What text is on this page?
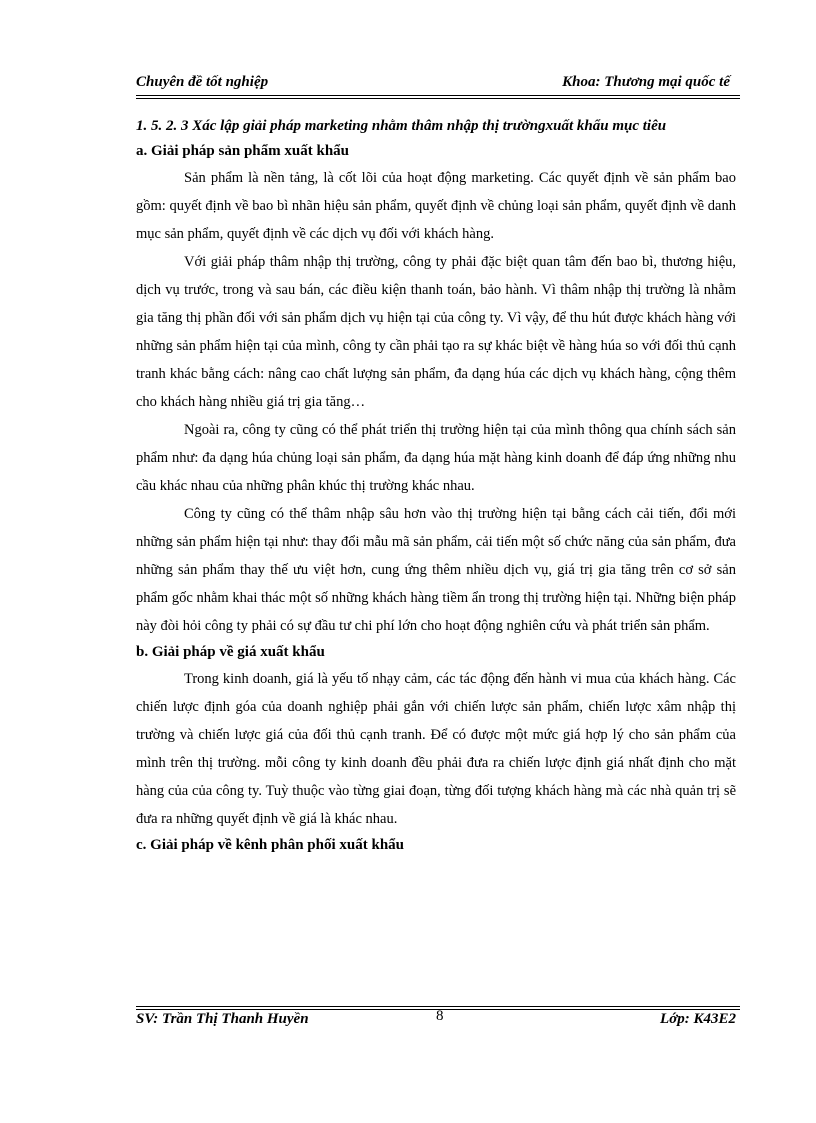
Chuyên đề tốt nghiệp	Khoa: Thương mại quốc tế
1. 5. 2. 3 Xác lập giải pháp marketing nhằm thâm nhập thị trườngxuất khẩu mục tiêu
a. Giải pháp sản phẩm xuất khẩu

Sản phẩm là nền tảng, là cốt lõi của hoạt động marketing. Các quyết định về sản phẩm bao gồm: quyết định về bao bì nhãn hiệu sản phẩm, quyết định về chủng loại sản phẩm, quyết định về danh mục sản phẩm, quyết định về các dịch vụ đối với khách hàng.

Với giải pháp thâm nhập thị trường, công ty phải đặc biệt quan tâm đến bao bì, thương hiệu, dịch vụ trước, trong và sau bán, các điều kiện thanh toán, bảo hành. Vì thâm nhập thị trường là nhằm gia tăng thị phần đối với sản phẩm dịch vụ hiện tại của công ty. Vì vậy, để thu hút được khách hàng với những sản phẩm hiện tại của mình, công ty cần phải tạo ra sự khác biệt về hàng húa so với đối thủ cạnh tranh khác bằng cách: nâng cao chất lượng sản phẩm, đa dạng húa các dịch vụ khách hàng, cộng thêm cho khách hàng nhiều giá trị gia tăng…

Ngoài ra, công ty cũng có thể phát triển thị trường hiện tại của mình thông qua chính sách sản phẩm như: đa dạng húa chủng loại sản phẩm, đa dạng húa mặt hàng kinh doanh để đáp ứng những nhu cầu khác nhau của những phân khúc thị trường khác nhau.

Công ty cũng có thể thâm nhập sâu hơn vào thị trường hiện tại bằng cách cải tiến, đổi mới những sản phẩm hiện tại như: thay đổi mẫu mã sản phẩm, cải tiến một số chức năng của sản phẩm, đưa những sản phẩm thay thế ưu việt hơn, cung ứng thêm nhiều dịch vụ, giá trị gia tăng trên cơ sở sản phẩm gốc nhằm khai thác một số những khách hàng tiềm ẩn trong thị trường hiện tại. Những biện pháp này đòi hỏi công ty phải có sự đầu tư chi phí lớn cho hoạt động nghiên cứu và phát triển sản phẩm.

b. Giải pháp về giá xuất khẩu

Trong kinh doanh, giá là yếu tố nhạy cảm, các tác động đến hành vi mua của khách hàng. Các chiến lược định góa của doanh nghiệp phải gắn với chiến lược sản phẩm, chiến lược xâm nhập thị trường và chiến lược giá của đối thủ cạnh tranh. Để có được một mức giá hợp lý cho sản phẩm của mình trên thị trường. mỗi công ty kinh doanh đều phải đưa ra chiến lược định giá nhất định cho mặt hàng của của công ty. Tuỳ thuộc vào từng giai đoạn, từng đối tượng khách hàng mà các nhà quản trị sẽ đưa ra những quyết định về giá là khác nhau.

c. Giải pháp về kênh phân phối xuất khẩu
SV: Trần Thị Thanh Huyền	8	Lớp: K43E2
